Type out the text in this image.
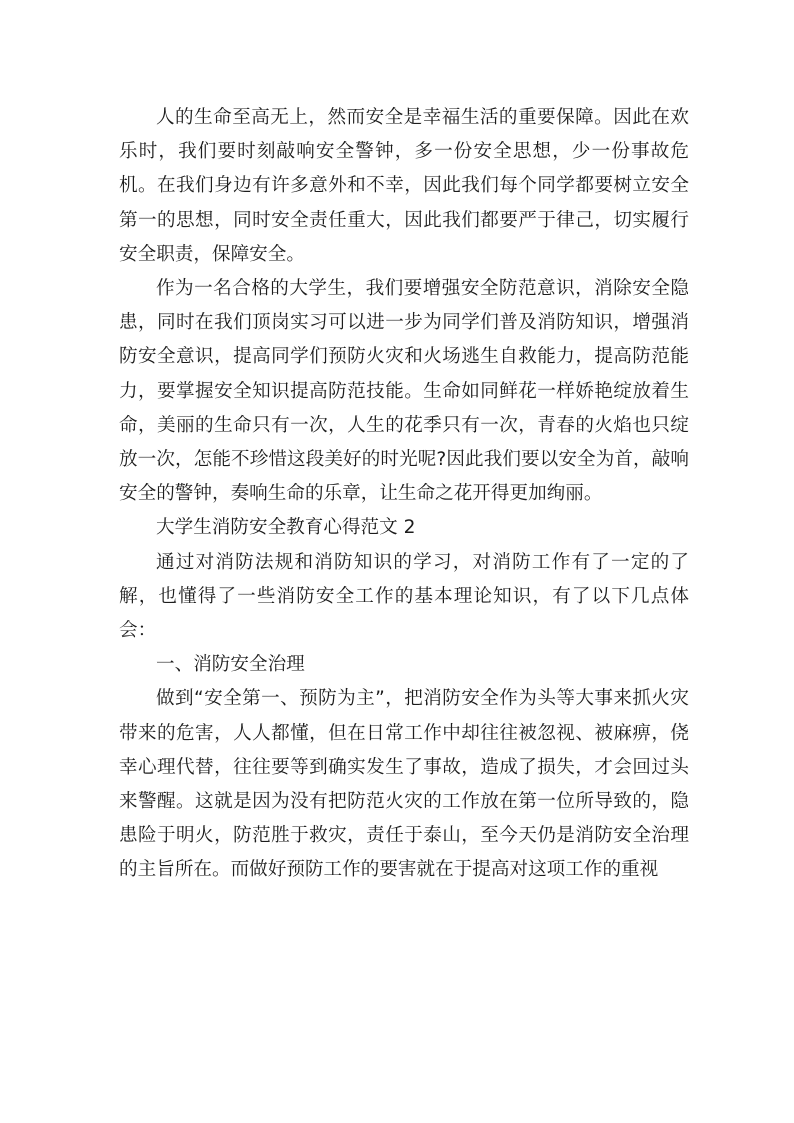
人的生命至高无上，然而安全是幸福生活的重要保障。因此在欢乐时，我们要时刻敲响安全警钟，多一份安全思想，少一份事故危机。在我们身边有许多意外和不幸，因此我们每个同学都要树立安全第一的思想，同时安全责任重大，因此我们都要严于律己，切实履行安全职责，保障安全。

作为一名合格的大学生，我们要增强安全防范意识，消除安全隐患，同时在我们顶岗实习可以进一步为同学们普及消防知识，增强消防安全意识，提高同学们预防火灾和火场逃生自救能力，提高防范能力，要掌握安全知识提高防范技能。生命如同鲜花一样娇艳绽放着生命，美丽的生命只有一次，人生的花季只有一次，青春的火焰也只绽放一次，怎能不珍惜这段美好的时光呢?因此我们要以安全为首，敲响安全的警钟，奏响生命的乐章，让生命之花开得更加绚丽。

大学生消防安全教育心得范文 2

通过对消防法规和消防知识的学习，对消防工作有了一定的了解，也懂得了一些消防安全工作的基本理论知识，有了以下几点体会：

一、消防安全治理

做到“安全第一、预防为主”，把消防安全作为头等大事来抓火灾带来的危害，人人都懂，但在日常工作中却往往被忽视、被麻痹，侥幸心理代替，往往要等到确实发生了事故，造成了损失，才会回过头来警醒。这就是因为没有把防范火灾的工作放在第一位所导致的，隐患险于明火，防范胜于救灾，责任于泰山，至今天仍是消防安全治理的主旨所在。而做好预防工作的要害就在于提高对这项工作的重视
